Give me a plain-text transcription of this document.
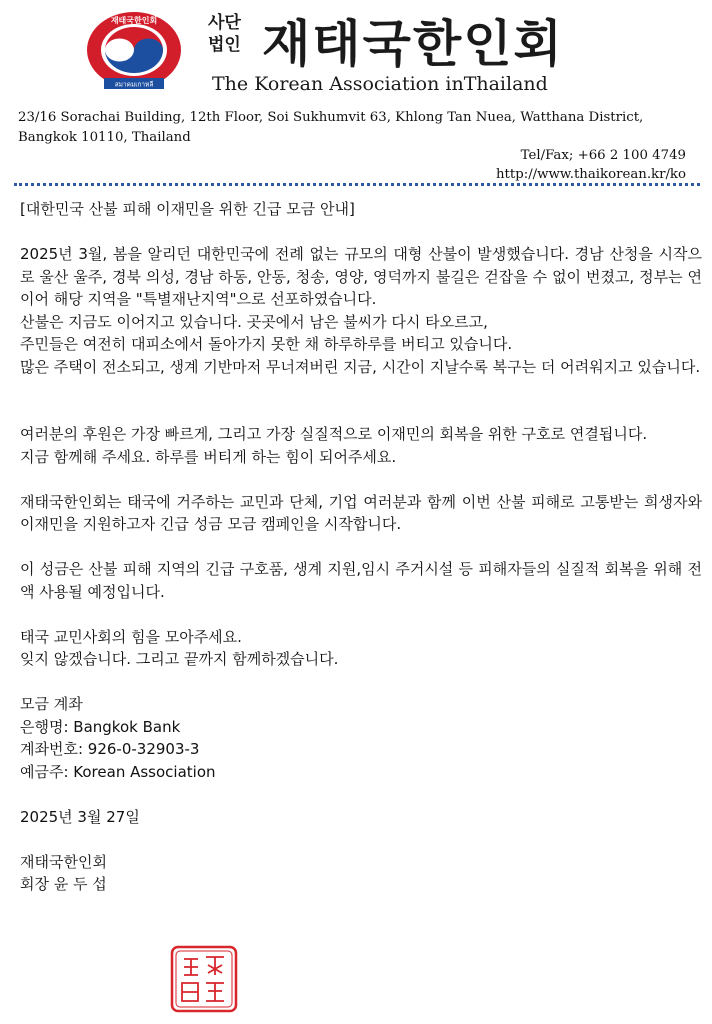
재태국한인회
สมาคมเกาหลี
사단
법인 재태국한인회
The Korean Association inThailand
23/16 Sorachai Building, 12th Floor, Soi Sukhumvit 63, Khlong Tan Nuea, Watthana District, Bangkok 10110, Thailand
Tel/Fax; +66 2 100 4749
http://www.thaikorean.kr/ko

[대한민국 산불 피해 이재민을 위한 긴급 모금 안내]

2025년 3월, 봄을 알리던 대한민국에 전례 없는 규모의 대형 산불이 발생했습니다. 경남 산청을 시작으로 울산 울주, 경북 의성, 경남 하동, 안동, 청송, 영양, 영덕까지 불길은 걷잡을 수 없이 번졌고, 정부는 연이어 해당 지역을 "특별재난지역"으로 선포하였습니다.

산불은 지금도 이어지고 있습니다. 곳곳에서 남은 불씨가 다시 타오르고,

주민들은 여전히 대피소에서 돌아가지 못한 채 하루하루를 버티고 있습니다.

많은 주택이 전소되고, 생계 기반마저 무너져버린 지금, 시간이 지날수록 복구는 더 어려워지고 있습니다.

여러분의 후원은 가장 빠르게, 그리고 가장 실질적으로 이재민의 회복을 위한 구호로 연결됩니다.

지금 함께해 주세요. 하루를 버티게 하는 힘이 되어주세요.

재태국한인회는 태국에 거주하는 교민과 단체, 기업 여러분과 함께 이번 산불 피해로 고통받는 희생자와 이재민을 지원하고자 긴급 성금 모금 캠페인을 시작합니다.

이 성금은 산불 피해 지역의 긴급 구호품, 생계 지원,임시 주거시설 등 피해자들의 실질적 회복을 위해 전액 사용될 예정입니다.

태국 교민사회의 힘을 모아주세요.

잊지 않겠습니다. 그리고 끝까지 함께하겠습니다.

모금 계좌

은행명: Bangkok Bank

계좌번호: 926-0-32903-3

예금주: Korean Association

2025년 3월 27일

재태국한인회

회장 윤 두 섭
